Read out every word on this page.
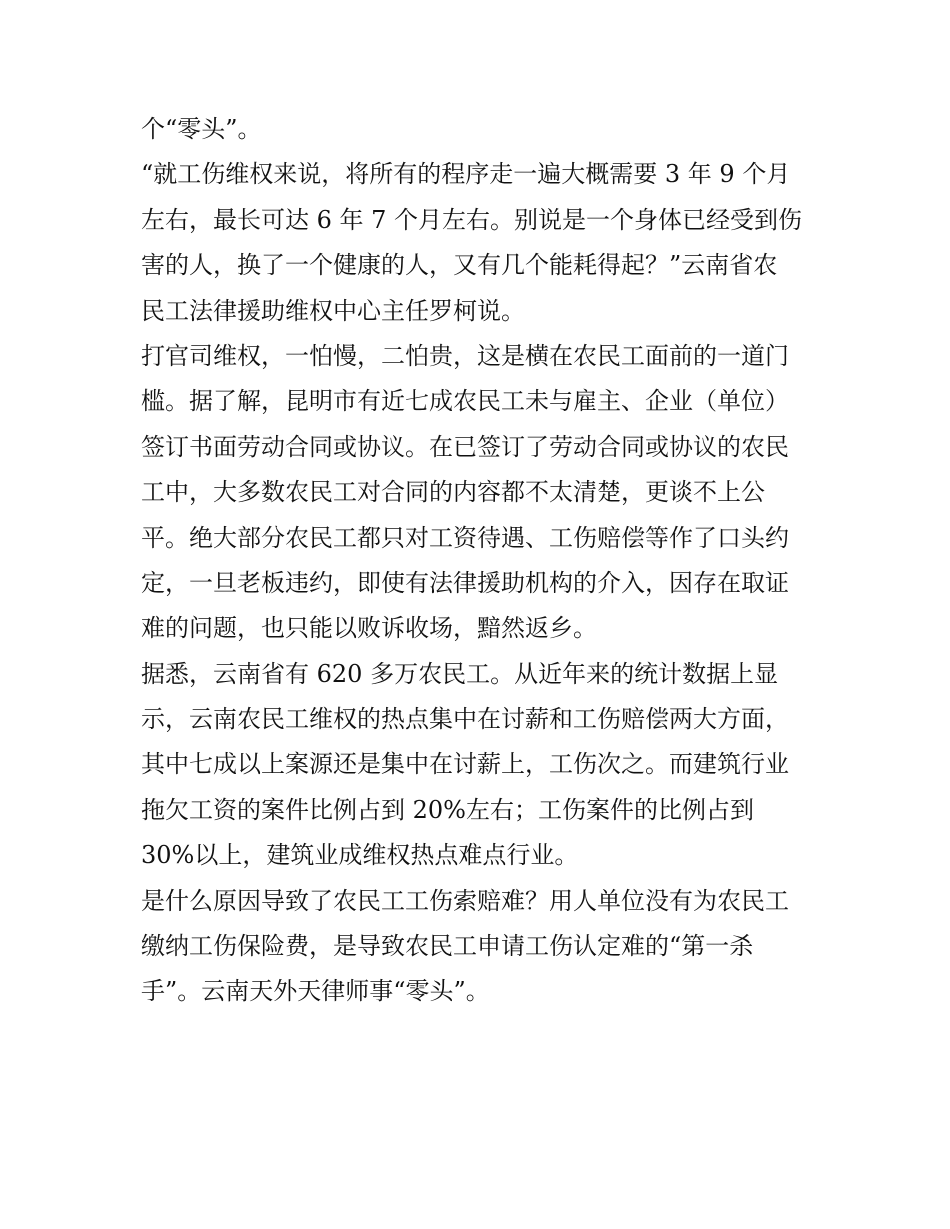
个“零头”。
“就工伤维权来说，将所有的程序走一遍大概需要 3 年 9 个月
左右，最长可达 6 年 7 个月左右。别说是一个身体已经受到伤
害的人，换了一个健康的人，又有几个能耗得起？”云南省农
民工法律援助维权中心主任罗柯说。
打官司维权，一怕慢，二怕贵，这是横在农民工面前的一道门
槛。据了解，昆明市有近七成农民工未与雇主、企业（单位）
签订书面劳动合同或协议。在已签订了劳动合同或协议的农民
工中，大多数农民工对合同的内容都不太清楚，更谈不上公
平。绝大部分农民工都只对工资待遇、工伤赔偿等作了口头约
定，一旦老板违约，即使有法律援助机构的介入，因存在取证
难的问题，也只能以败诉收场，黯然返乡。
据悉，云南省有 620 多万农民工。从近年来的统计数据上显
示，云南农民工维权的热点集中在讨薪和工伤赔偿两大方面，
其中七成以上案源还是集中在讨薪上，工伤次之。而建筑行业
拖欠工资的案件比例占到 20%左右；工伤案件的比例占到
30%以上，建筑业成维权热点难点行业。
是什么原因导致了农民工工伤索赔难？用人单位没有为农民工
缴纳工伤保险费，是导致农民工申请工伤认定难的“第一杀
手”。云南天外天律师事“零头”。
